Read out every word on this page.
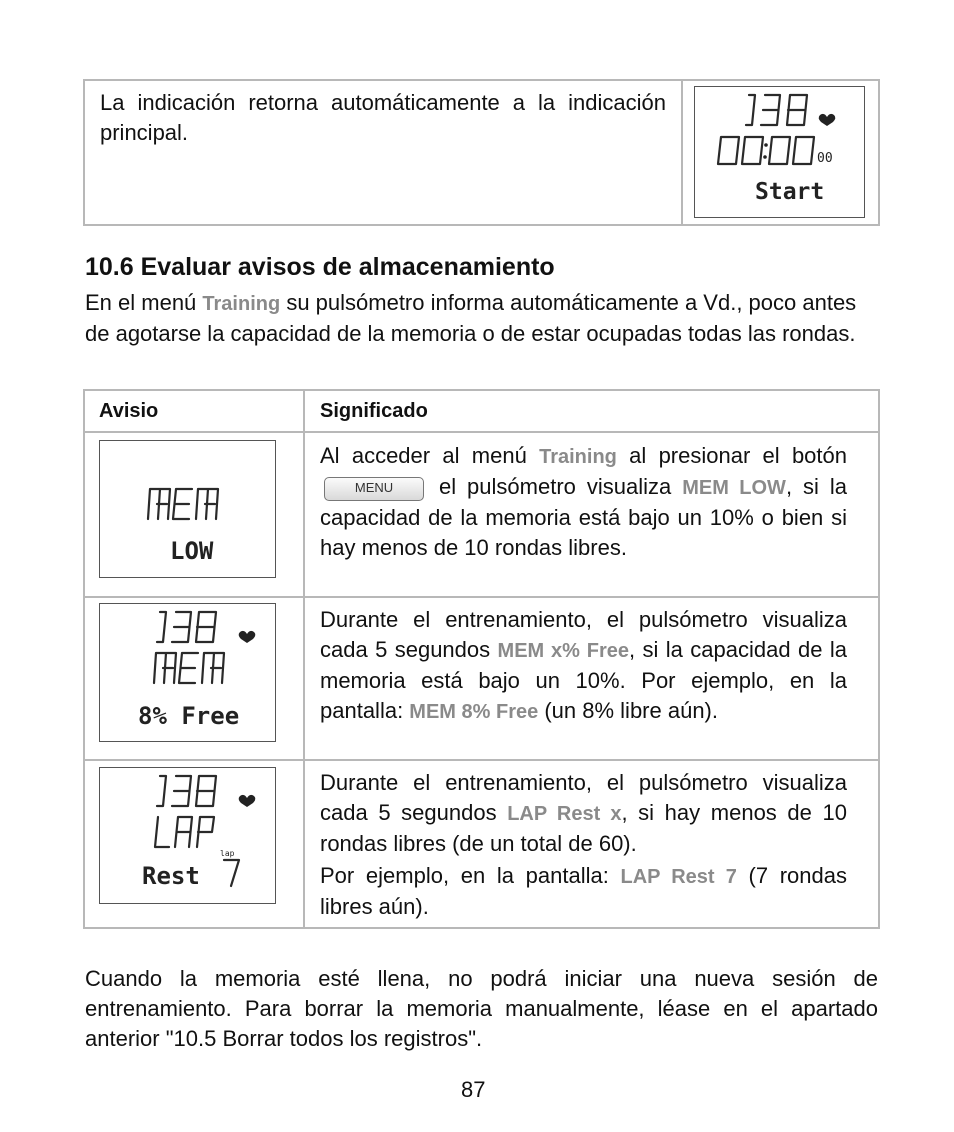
La indicación retorna automáticamente a la indicación principal.
00
Start
10.6 Evaluar avisos de almacenamiento
En el menú Training su pulsómetro informa automáticamente a Vd., poco antes de agotarse la capacidad de la memoria o de estar ocupadas todas las rondas.
Avisio	Significado
LOW
Al acceder al menú Training al presionar el botón MENU el pulsómetro visualiza MEM LOW, si la capacidad de la memoria está bajo un 10% o bien si hay menos de 10 rondas libres.
8% Free
Durante el entrenamiento, el pulsómetro visualiza cada 5 segundos MEM x% Free, si la capacidad de la memoria está bajo un 10%. Por ejemplo, en la pantalla: MEM 8% Free (un 8% libre aún).
lap
Rest
Durante el entrenamiento, el pulsómetro visualiza cada 5 segundos LAP Rest x, si hay menos de 10 rondas libres (de un total de 60).
Por ejemplo, en la pantalla: LAP Rest 7 (7 rondas libres aún).
Cuando la memoria esté llena, no podrá iniciar una nueva sesión de entrenamiento. Para borrar la memoria manualmente, léase en el apartado anterior "10.5 Borrar todos los registros".
87
